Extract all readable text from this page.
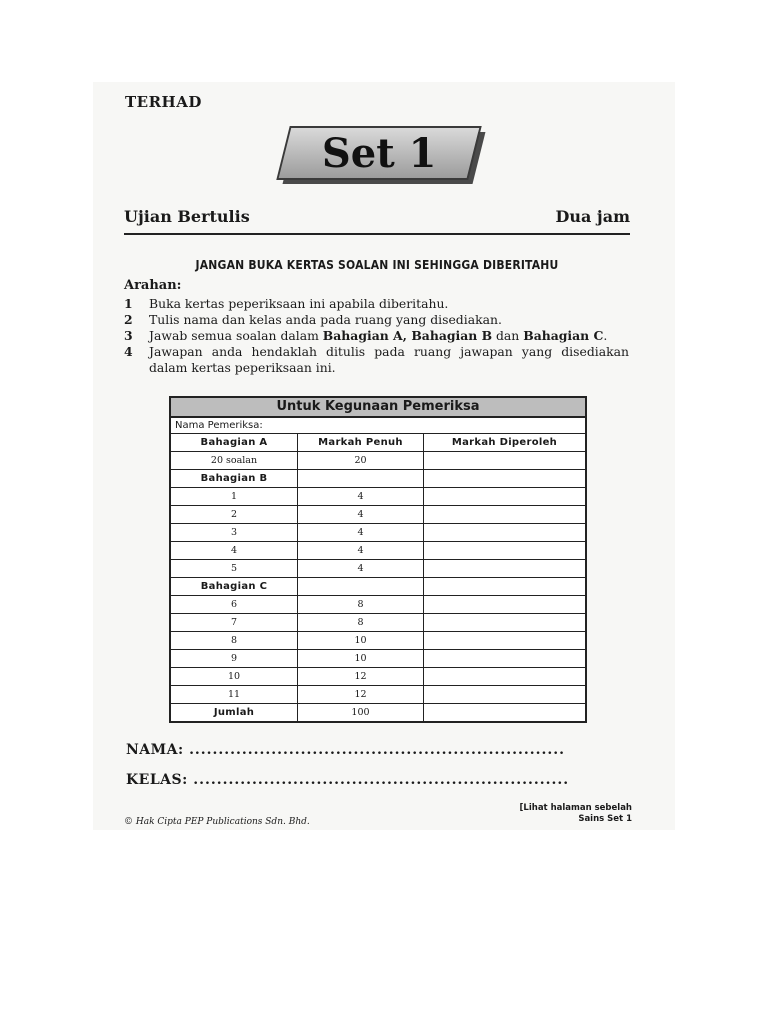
TERHAD
Set 1
Ujian Bertulis	Dua jam
JANGAN BUKA KERTAS SOALAN INI SEHINGGA DIBERITAHU
Arahan:
1 Buka kertas peperiksaan ini apabila diberitahu.
2 Tulis nama dan kelas anda pada ruang yang disediakan.
3 Jawab semua soalan dalam Bahagian A, Bahagian B dan Bahagian C.
4 Jawapan anda hendaklah ditulis pada ruang jawapan yang disediakan dalam kertas peperiksaan ini.
Untuk Kegunaan Pemeriksa
Nama Pemeriksa:
Bahagian A	Markah Penuh	Markah Diperoleh
20 soalan	20
Bahagian B
1	4
2	4
3	4
4	4
5	4
Bahagian C
6	8
7	8
8	10
9	10
10	12
11	12
Jumlah	100
NAMA: ................................................................
KELAS: ................................................................
© Hak Cipta PEP Publications Sdn. Bhd.
[Lihat halaman sebelah
Sains Set 1
